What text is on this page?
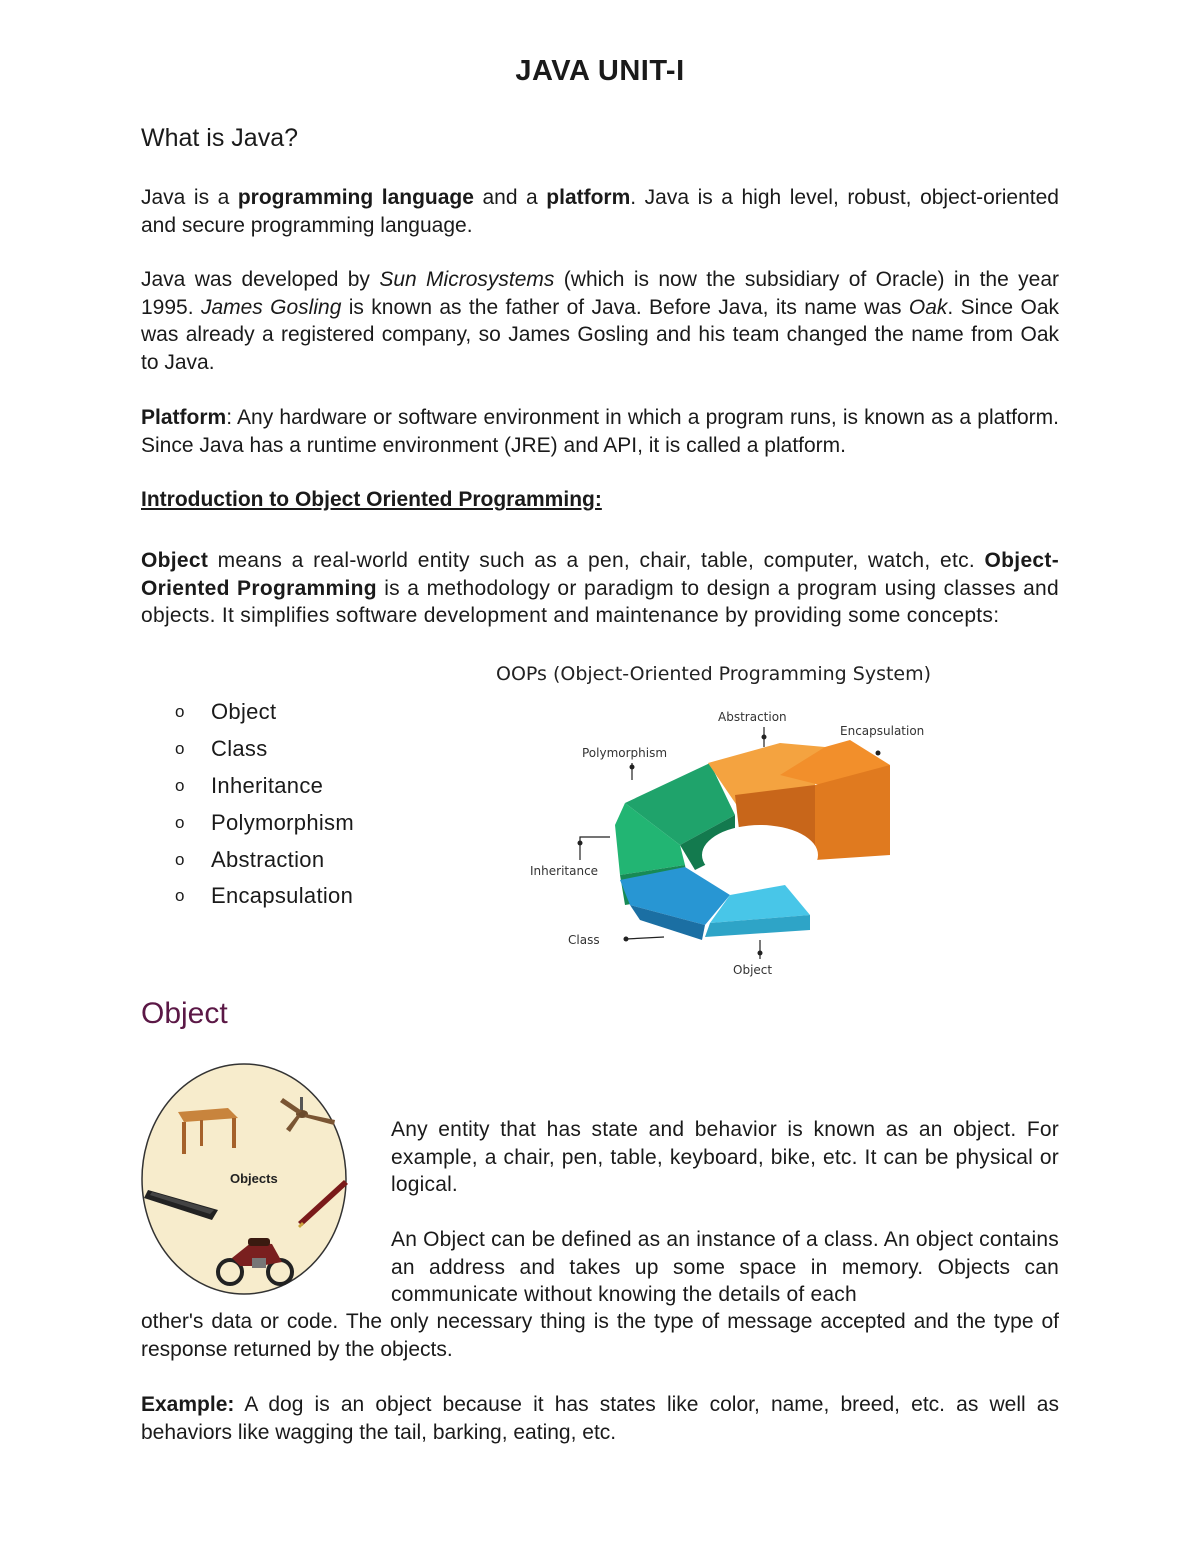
JAVA UNIT-I
What is Java?

Java is a programming language and a platform. Java is a high level, robust, object-oriented and secure programming language.

Java was developed by Sun Microsystems (which is now the subsidiary of Oracle) in the year 1995. James Gosling is known as the father of Java. Before Java, its name was Oak. Since Oak was already a registered company, so James Gosling and his team changed the name from Oak to Java.

Platform: Any hardware or software environment in which a program runs, is known as a platform. Since Java has a runtime environment (JRE) and API, it is called a platform.

Introduction to Object Oriented Programming:

Object means a real-world entity such as a pen, chair, table, computer, watch, etc. Object-Oriented Programming is a methodology or paradigm to design a program using classes and objects. It simplifies software development and maintenance by providing some concepts:

o	Object
o	Class
o	Inheritance
o	Polymorphism
o	Abstraction
o	Encapsulation
OOPs (Object-Oriented Programming System)
Abstraction
Encapsulation
Polymorphism
Inheritance
Class
Object
Object
Objects

Any entity that has state and behavior is known as an object. For example, a chair, pen, table, keyboard, bike, etc. It can be physical or logical.

An Object can be defined as an instance of a class. An object contains an address and takes up some space in memory. Objects can communicate without knowing the details of each

other's data or code. The only necessary thing is the type of message accepted and the type of response returned by the objects.

Example: A dog is an object because it has states like color, name, breed, etc. as well as behaviors like wagging the tail, barking, eating, etc.
